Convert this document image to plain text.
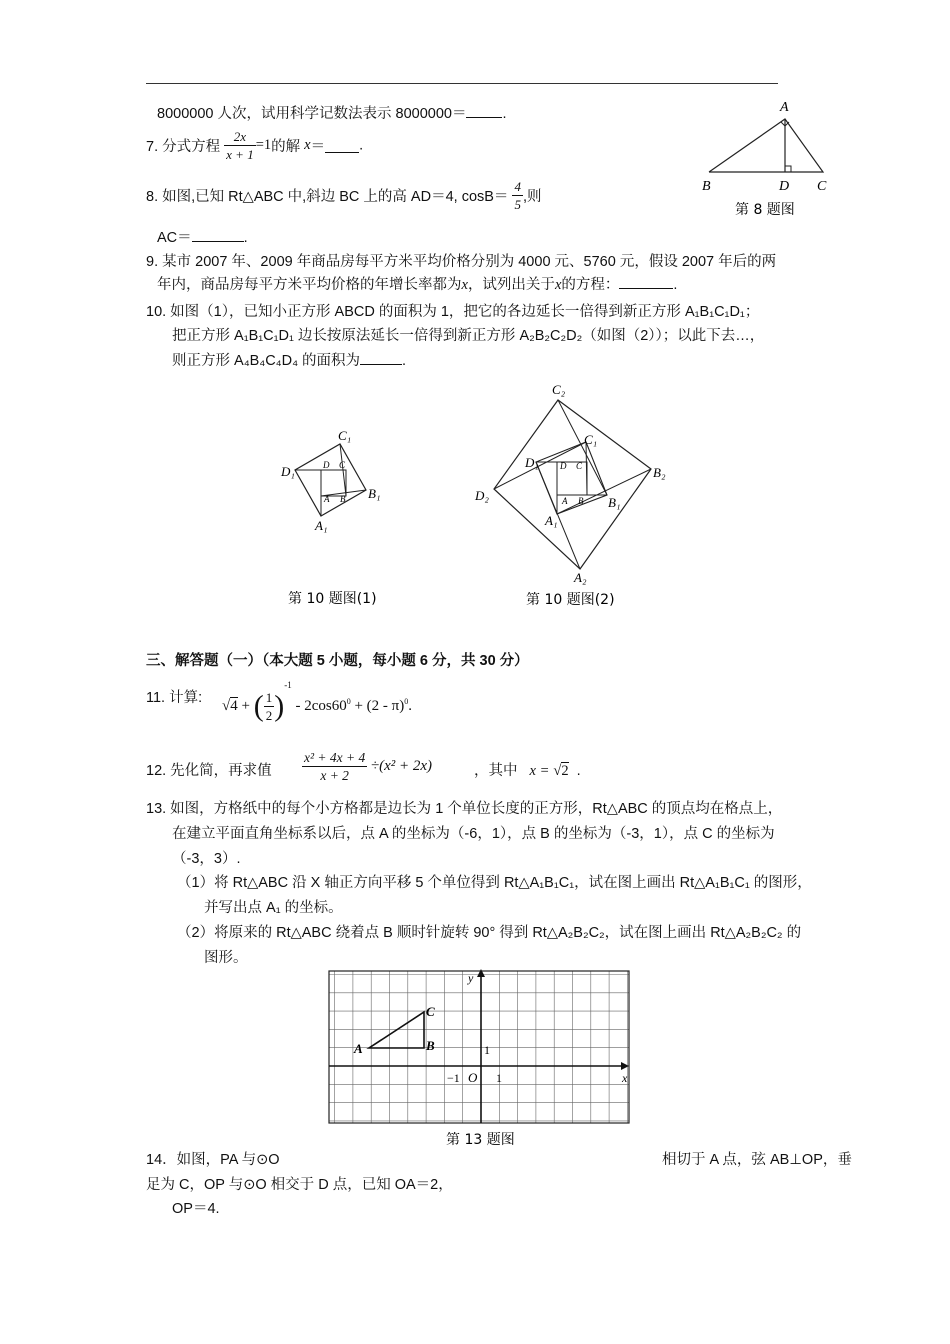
8000000 人次，试用科学记数法表示 8000000＝ .
7. 分式方程 $\frac{2x}{x + 1} =1$的解 x＝ .
8. 如图,已知 Rt△ABC 中,斜边 BC 上的高 AD＝4, $\cos B= \frac{4}{5}$ ,则
AC＝	.
A
B	D C
第 8 题图
9. 某市 2007 年、2009 年商品房每平方米平均价格分别为 4000 元、5760 元，假设 2007 年后的两
年内，商品房每平方米平均价格的年增长率都为x，试列出关于x的方程：	.
10. 如图（1），已知小正方形 ABCD 的面积为 1，把它的各边延长一倍得到新正方形 A₁B₁C₁D₁；
把正方形 A₁B₁C₁D₁ 边长按原法延长一倍得到新正方形 A₂B₂C₂D₂（如图（2））；以此下去…，
则正方形 A₄B₄C₄D₄ 的面积为	.
D C
A B
C₁
D₁
B₁
A₁
第 10 题图(1)
D C
A B
C₁
D₁
B₁
A₁
C₂
D₂
B₂
A₂
第 10 题图(2)
三、解答题（一）（本大题 5 小题，每小题 6 分，共 30 分）
11. 计算:
√4 + ( $\frac{1}{2} )^{-1} - 2\cos 60^0 + (2 - \pi)^0$.
12. 先化简，再求值 $\frac{\text{x² + 4x + 4}}{x + 2} \div(x^2 + 2x)$	，其中 x = √2 .
13. 如图，方格纸中的每个小方格都是边长为 1 个单位长度的正方形，Rt△ABC 的顶点均在格点上，
在建立平面直角坐标系以后，点 A 的坐标为（-6，1），点 B 的坐标为（-3，1），点 C 的坐标为
（-3，3）.
（1）将 Rt△ABC 沿 X 轴正方向平移 5 个单位得到 Rt△A₁B₁C₁，试在图上画出 Rt△A₁B₁C₁ 的图形，
并写出点 A₁ 的坐标。
（2）将原来的 Rt△ABC 绕着点 B 顺时针旋转 90° 得到 Rt△A₂B₂C₂，试在图上画出 Rt△A₂B₂C₂ 的
图形。
A	B
C
O	x
y
1
−1	1
第 13 题图
14．如图，PA 与⊙O	相切于 A 点，弦 AB⊥OP，垂
足为 C，OP 与⊙O 相交于 D 点，已知 OA＝2，
OP＝4.
